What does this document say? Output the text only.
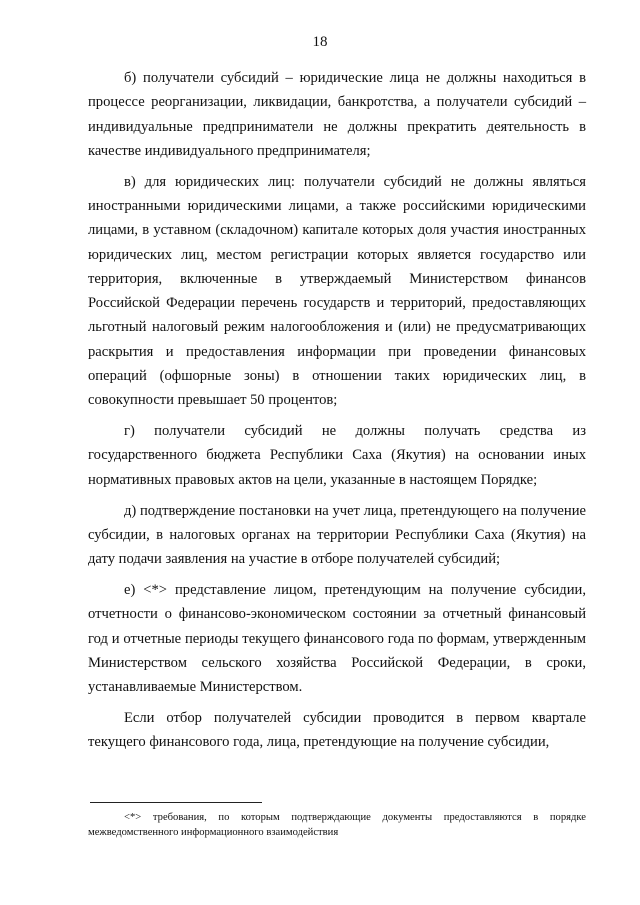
18

б) получатели субсидий – юридические лица не должны находиться в процессе реорганизации, ликвидации, банкротства, а получатели субсидий – индивидуальные предприниматели не должны прекратить деятельность в качестве индивидуального предпринимателя;

в) для юридических лиц: получатели субсидий не должны являться иностранными юридическими лицами, а также российскими юридическими лицами, в уставном (складочном) капитале которых доля участия иностранных юридических лиц, местом регистрации которых является государство или территория, включенные в утверждаемый Министерством финансов Российской Федерации перечень государств и территорий, предоставляющих льготный налоговый режим налогообложения и (или) не предусматривающих раскрытия и предоставления информации при проведении финансовых операций (офшорные зоны) в отношении таких юридических лиц, в совокупности превышает 50 процентов;

г) получатели субсидий не должны получать средства из государственного бюджета Республики Саха (Якутия) на основании иных нормативных правовых актов на цели, указанные в настоящем Порядке;

д) подтверждение постановки на учет лица, претендующего на получение субсидии, в налоговых органах на территории Республики Саха (Якутия) на дату подачи заявления на участие в отборе получателей субсидий;

е) <*> представление лицом, претендующим на получение субсидии, отчетности о финансово-экономическом состоянии за отчетный финансовый год и отчетные периоды текущего финансового года по формам, утвержденным Министерством сельского хозяйства Российской Федерации, в сроки, устанавливаемые Министерством.

Если отбор получателей субсидии проводится в первом квартале текущего финансового года, лица, претендующие на получение субсидии,

<*> требования, по которым подтверждающие документы предоставляются в порядке межведомственного информационного взаимодействия
